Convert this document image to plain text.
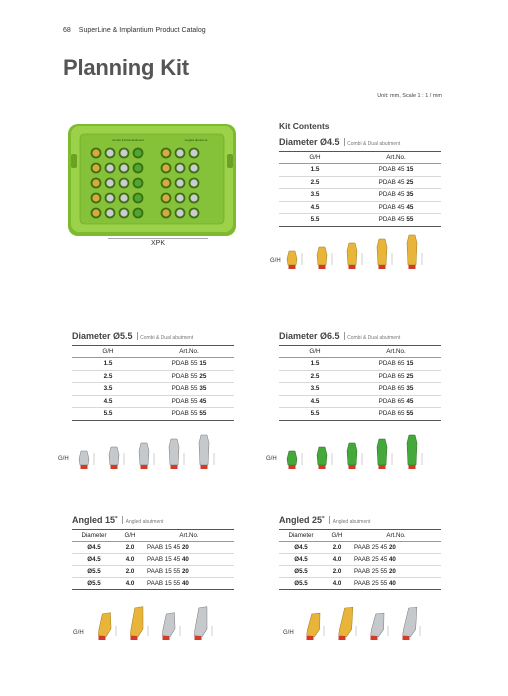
68 SuperLine & Implantium Product Catalog
Planning Kit
Unit: mm, Scale 1 : 1 / mm
Combi & Dual abutment	Angled abutment
XPK
Kit Contents
Diameter Ø4.5 Combi & Dual abutment
G/H	Art.No.
1.5	PDAB 45 15
2.5	PDAB 45 25
3.5	PDAB 45 35
4.5	PDAB 45 45
5.5	PDAB 45 55
G/H
Diameter Ø5.5 Combi & Dual abutment
G/H	Art.No.
1.5	PDAB 55 15
2.5	PDAB 55 25
3.5	PDAB 55 35
4.5	PDAB 55 45
5.5	PDAB 55 55
G/H
Diameter Ø6.5 Combi & Dual abutment
G/H	Art.No.
1.5	PDAB 65 15
2.5	PDAB 65 25
3.5	PDAB 65 35
4.5	PDAB 65 45
5.5	PDAB 65 55
G/H
Angled 15˚ Angled abutment
Diameter	G/H	Art.No.
Ø4.5	2.0	PAAB 15 45 20
Ø4.5	4.0	PAAB 15 45 40
Ø5.5	2.0	PAAB 15 55 20
Ø5.5	4.0	PAAB 15 55 40
G/H
Angled 25˚ Angled abutment
Diameter	G/H	Art.No.
Ø4.5	2.0	PAAB 25 45 20
Ø4.5	4.0	PAAB 25 45 40
Ø5.5	2.0	PAAB 25 55 20
Ø5.5	4.0	PAAB 25 55 40
G/H
